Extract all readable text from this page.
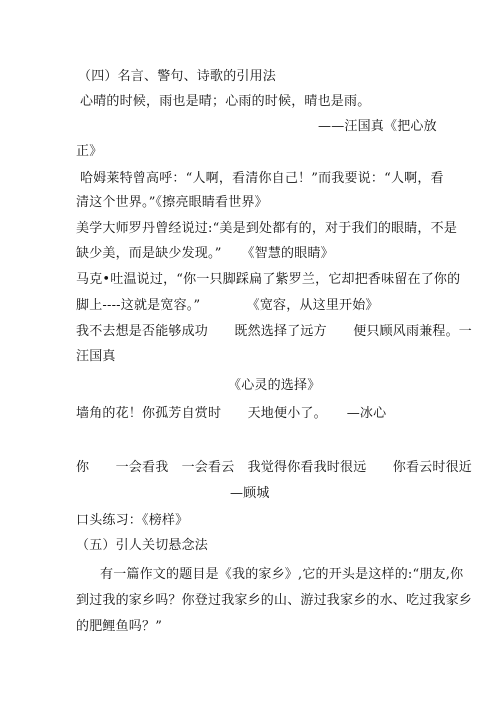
（四）名言、警句、诗歌的引用法
心晴的时候，雨也是晴；心雨的时候，晴也是雨。
——汪国真《把心放
正》
哈姆莱特曾高呼：“人啊，看清你自己！”而我要说：“人啊，看
清这个世界。”《擦亮眼睛看世界》
美学大师罗丹曾经说过:“美是到处都有的，对于我们的眼睛，不是
缺少美，而是缺少发现。”　　《智慧的眼睛》
马克•吐温说过，“你一只脚踩扁了紫罗兰，它却把香味留在了你的
脚上----这就是宽容。”　　　　《宽容，从这里开始》
我不去想是否能够成功　　既然选择了远方　　便只顾风雨兼程。一
汪国真
《心灵的选择》
墙角的花！你孤芳自赏时　　天地便小了。　　—冰心
你　　一会看我　一会看云　我觉得你看我时很远　　你看云时很近
—顾城
口头练习：《榜样》
（五）引人关切悬念法
有一篇作文的题目是《我的家乡》,它的开头是这样的:“朋友,你
到过我的家乡吗？你登过我家乡的山、游过我家乡的水、吃过我家乡
的肥鲤鱼吗？”
